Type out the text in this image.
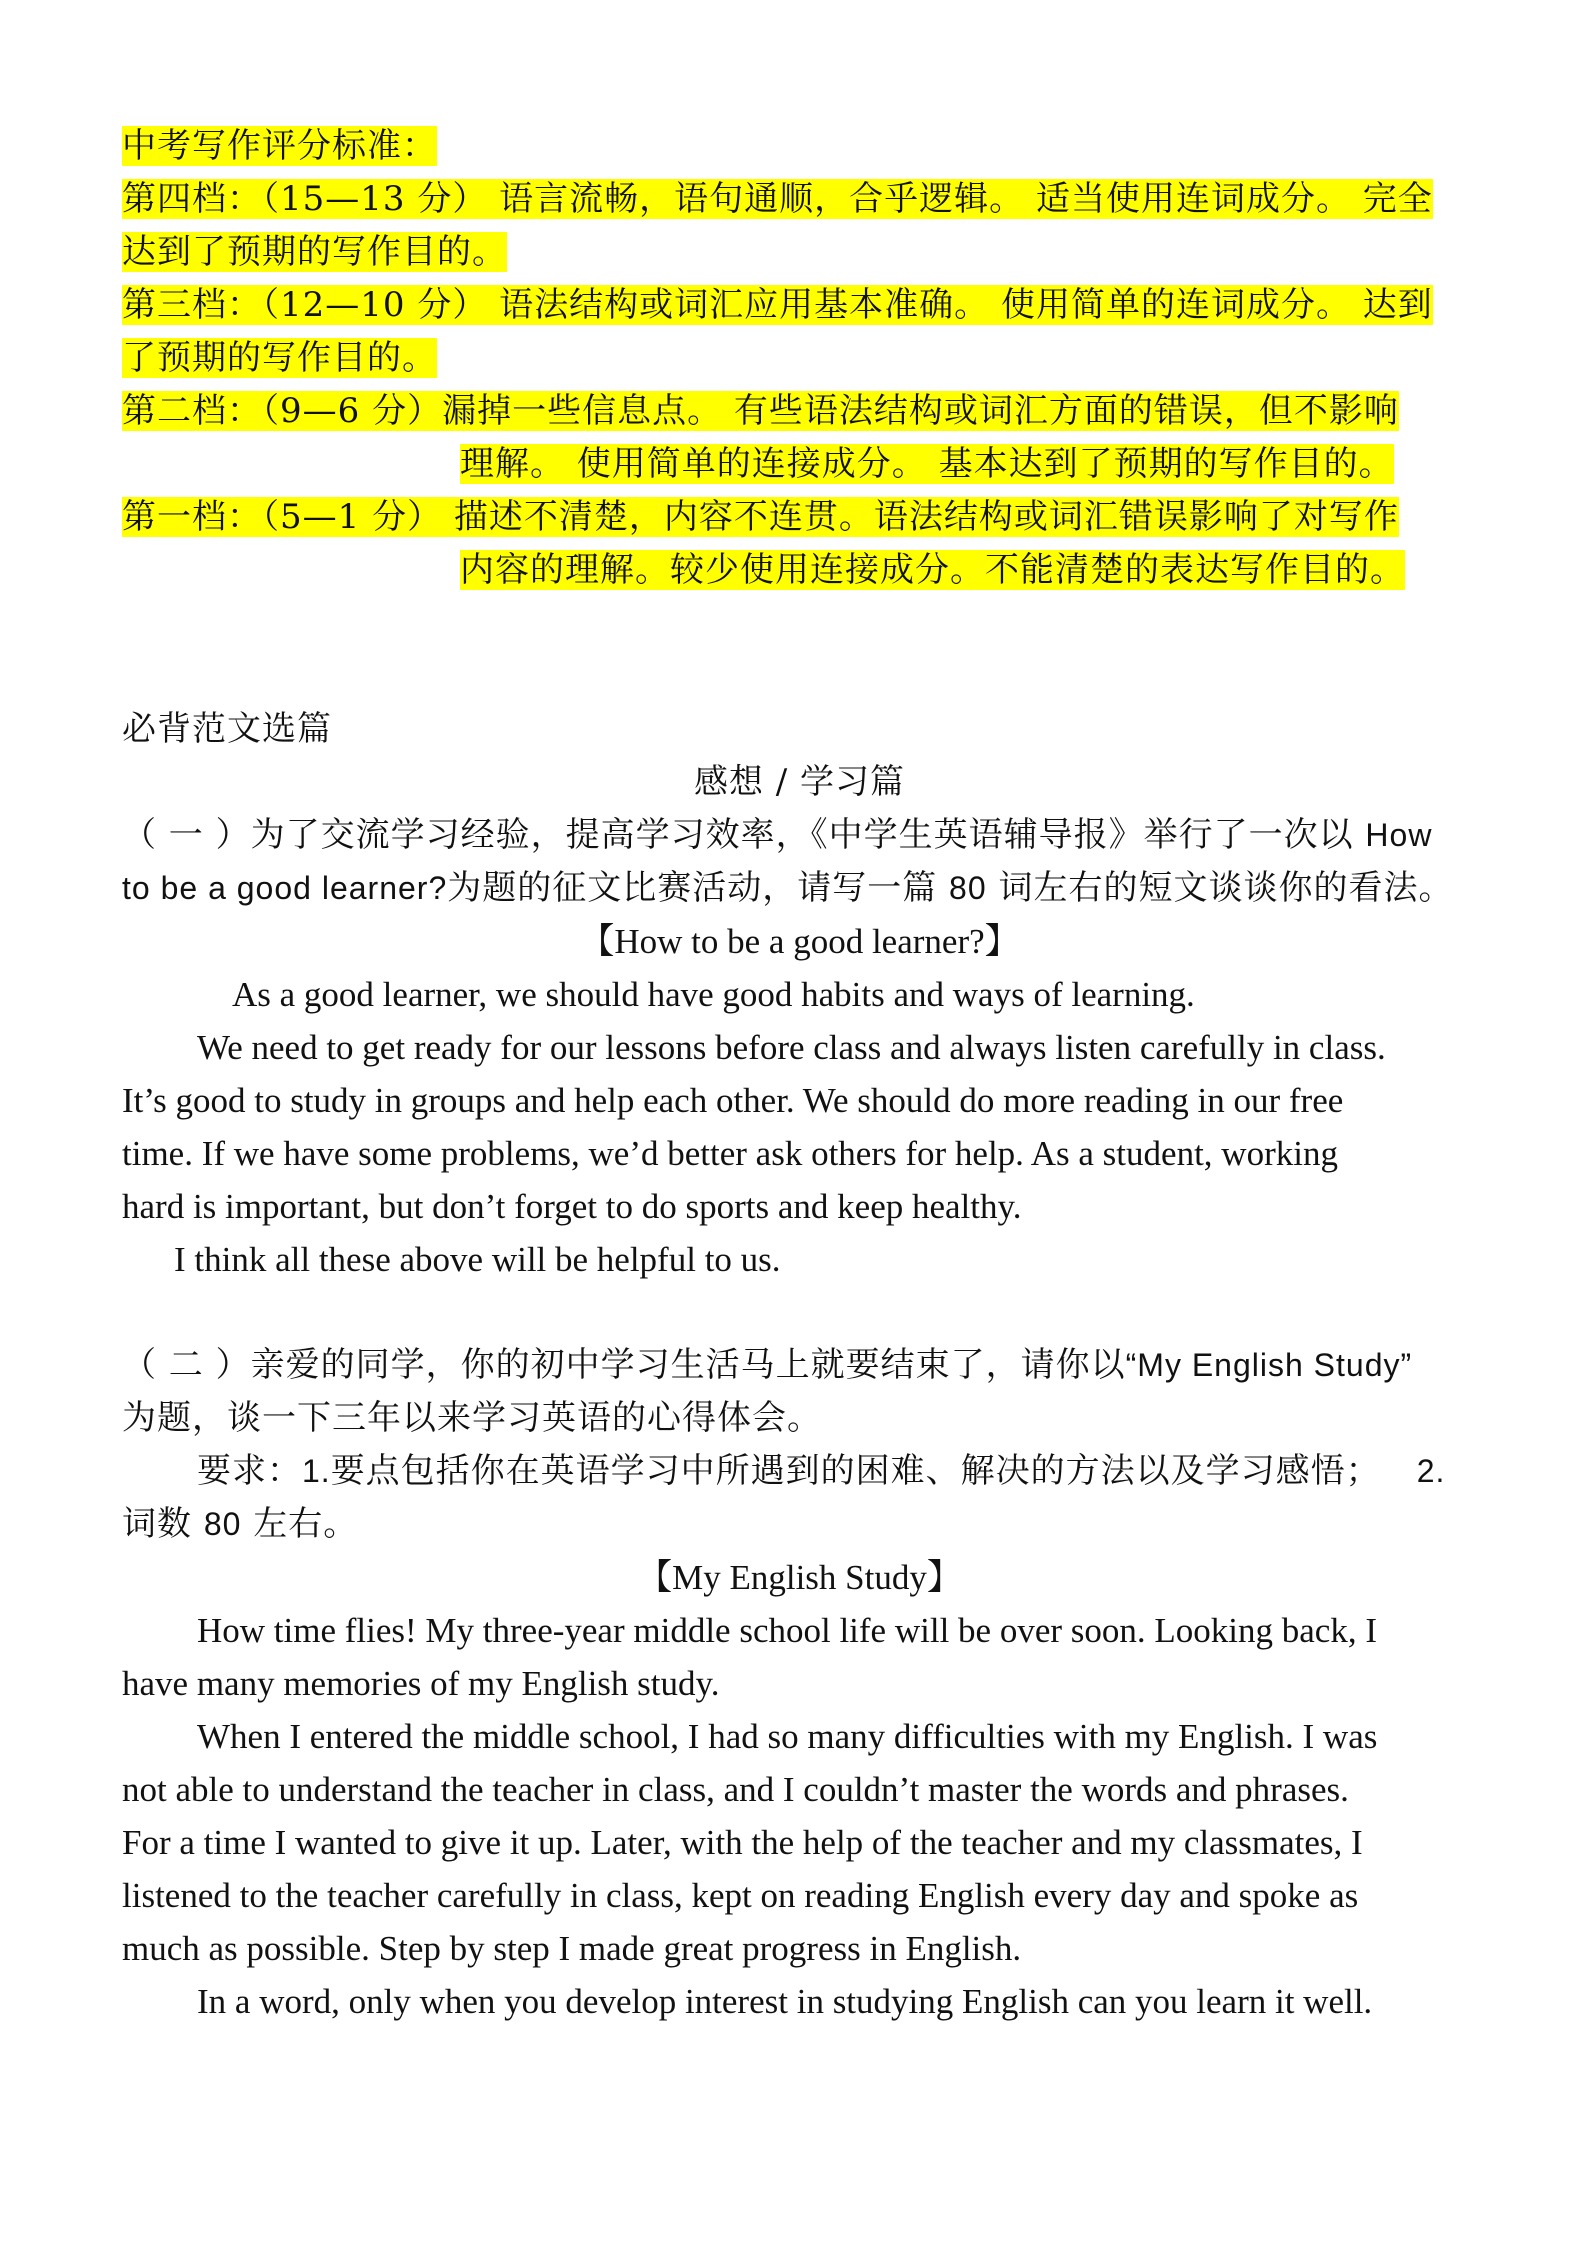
中考写作评分标准：
第四档：（15—13 分） 语言流畅，语句通顺，合乎逻辑。 适当使用连词成分。 完全
达到了预期的写作目的。
第三档：（12—10 分） 语法结构或词汇应用基本准确。 使用简单的连词成分。 达到
了预期的写作目的。
第二档：（9—6 分）漏掉一些信息点。 有些语法结构或词汇方面的错误，但不影响
理解。 使用简单的连接成分。 基本达到了预期的写作目的。
第一档：（5—1 分） 描述不清楚，内容不连贯。语法结构或词汇错误影响了对写作
内容的理解。较少使用连接成分。不能清楚的表达写作目的。
必背范文选篇
感想 / 学习篇
（ 一 ）为了交流学习经验，提高学习效率，《中学生英语辅导报》举行了一次以 How
to be a good learner?为题的征文比赛活动，请写一篇 80 词左右的短文谈谈你的看法。
【How to be a good learner?】
As a good learner, we should have good habits and ways of learning.
We need to get ready for our lessons before class and always listen carefully in class.
It’s good to study in groups and help each other. We should do more reading in our free
time. If we have some problems, we’d better ask others for help. As a student, working
hard is important, but don’t forget to do sports and keep healthy.
I think all these above will be helpful to us.
（ 二 ）亲爱的同学，你的初中学习生活马上就要结束了，请你以“My English Study”
为题，谈一下三年以来学习英语的心得体会。
要求：1.要点包括你在英语学习中所遇到的困难、解决的方法以及学习感悟； 2.
词数 80 左右。
【My English Study】
How time flies! My three-year middle school life will be over soon. Looking back, I
have many memories of my English study.
When I entered the middle school, I had so many difficulties with my English. I was
not able to understand the teacher in class, and I couldn’t master the words and phrases.
For a time I wanted to give it up. Later, with the help of the teacher and my classmates, I
listened to the teacher carefully in class, kept on reading English every day and spoke as
much as possible. Step by step I made great progress in English.
In a word, only when you develop interest in studying English can you learn it well.
